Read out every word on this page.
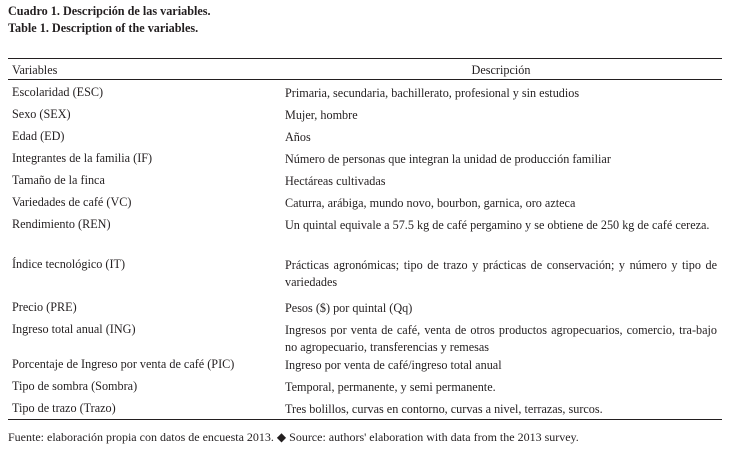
Cuadro 1. Descripción de las variables.
Table 1. Description of the variables.
Variables	Descripción
Escolaridad (ESC)	Primaria, secundaria, bachillerato, profesional y sin estudios
Sexo (SEX)	Mujer, hombre
Edad (ED)	Años
Integrantes de la familia (IF)	Número de personas que integran la unidad de producción familiar
Tamaño de la finca	Hectáreas cultivadas
Variedades de café (VC)	Caturra, arábiga, mundo novo, bourbon, garnica, oro azteca
Rendimiento (REN)	Un quintal equivale a 57.5 kg de café pergamino y se obtiene de 250 kg de café cereza.
Índice tecnológico (IT)	Prácticas agronómicas; tipo de trazo y prácticas de conservación; y número y tipo de variedades
Precio (PRE)	Pesos ($) por quintal (Qq)
Ingreso total anual (ING)	Ingresos por venta de café, venta de otros productos agropecuarios, comercio, tra-bajo no agropecuario, transferencias y remesas
Porcentaje de Ingreso por venta de café (PIC)	Ingreso por venta de café/ingreso total anual
Tipo de sombra (Sombra)	Temporal, permanente, y semi permanente.
Tipo de trazo (Trazo)	Tres bolillos, curvas en contorno, curvas a nivel, terrazas, surcos.
Fuente: elaboración propia con datos de encuesta 2013. ◆ Source: authors' elaboration with data from the 2013 survey.
